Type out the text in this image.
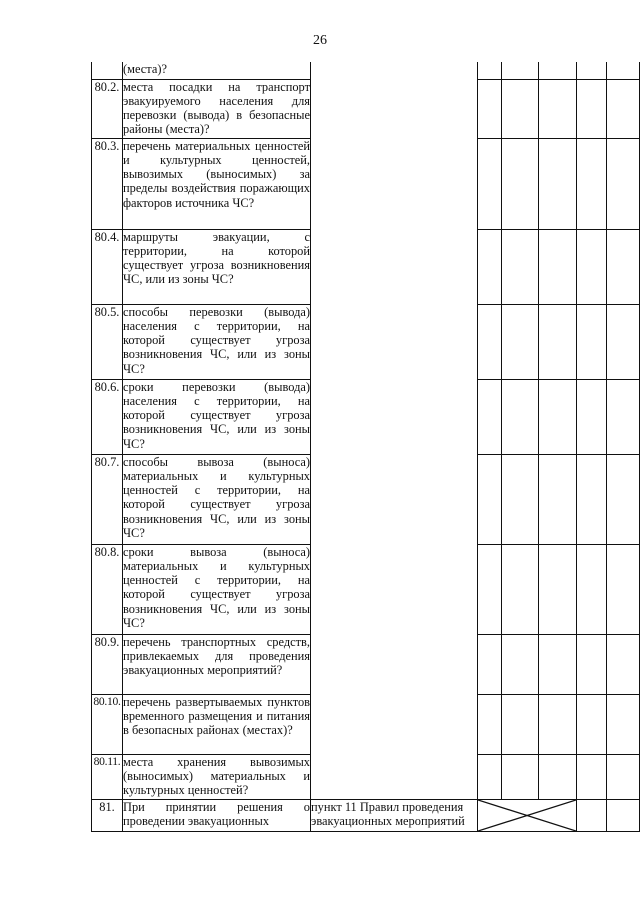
26
	(места)?						
80.2.	места посадки на транспорт эвакуируемого населения для перевозки (вывода) в безопасные районы (места)?						
80.3.	перечень материальных ценностей и культурных ценностей, вывозимых (выносимых) за пределы воздействия поражающих факторов источника ЧС?						
80.4.	маршруты эвакуации, с территории, на которой существует угроза возникновения ЧС, или из зоны ЧС?						
80.5.	способы перевозки (вывода) населения с территории, на которой существует угроза возникновения ЧС, или из зоны ЧС?						
80.6.	сроки перевозки (вывода) населения с территории, на которой существует угроза возникновения ЧС, или из зоны ЧС?						
80.7.	способы вывоза (выноса) материальных и культурных ценностей с территории, на которой существует угроза возникновения ЧС, или из зоны ЧС?						
80.8.	сроки вывоза (выноса) материальных и культурных ценностей с территории, на которой существует угроза возникновения ЧС, или из зоны ЧС?						
80.9.	перечень транспортных средств, привлекаемых для проведения эвакуационных мероприятий?						
80.10.	перечень развертываемых пунктов временного размещения и питания в безопасных районах (местах)?						
80.11.	места хранения вывозимых (выносимых) материальных и культурных ценностей?						
81.	При принятии решения о проведении эвакуационных	пункт 11 Правил проведения эвакуационных мероприятий	
